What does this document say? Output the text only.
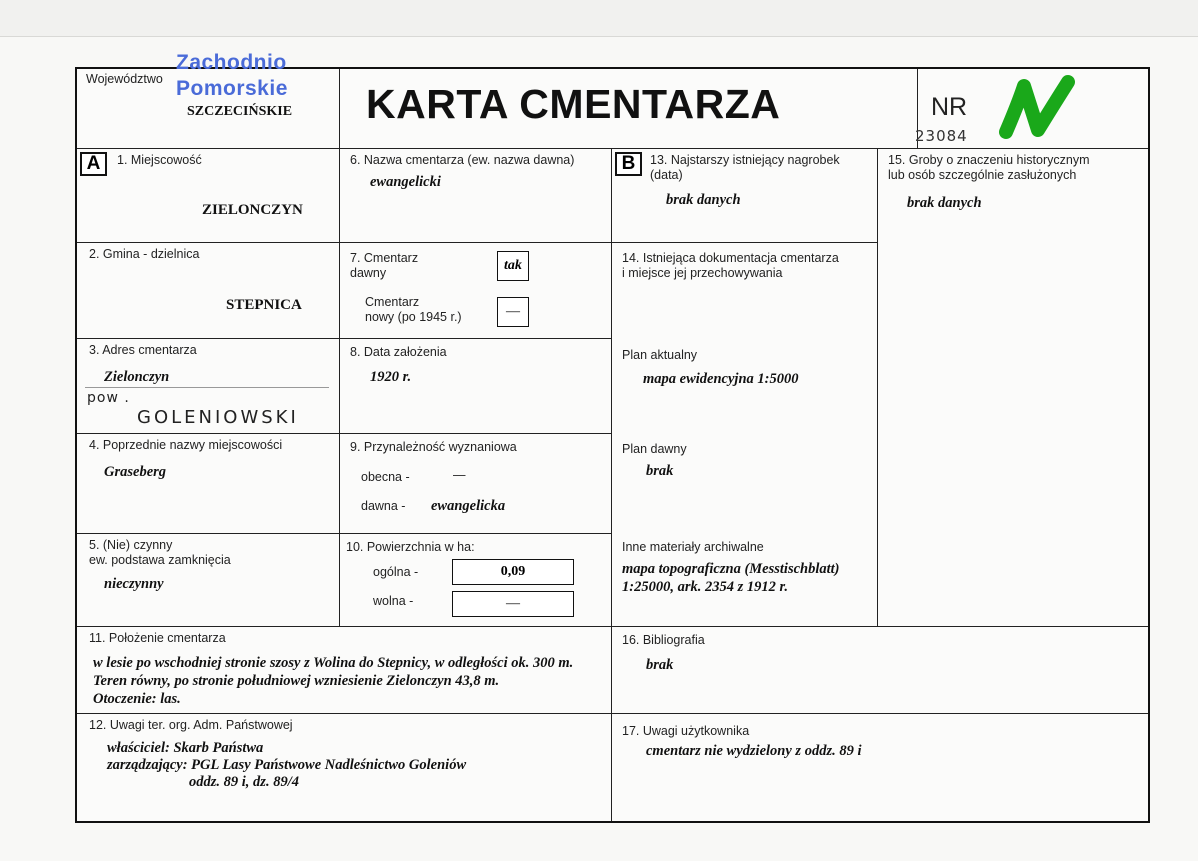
Województwo
Zachodnio
Pomorskie
SZCZECIŃSKIE KARTA CMENTARZA	NR
23084
A	1. Miejscowość
ZIELONCZYN
2. Gmina - dzielnica
STEPNICA
3. Adres cmentarza
Zielonczyn
pow .
GOLENIOWSKI
4. Poprzednie nazwy miejscowości
Graseberg
5. (Nie) czynny
ew. podstawa zamknięcia
nieczynny
6. Nazwa cmentarza (ew. nazwa dawna)
ewangelicki
7. Cmentarz
dawny	tak
Cmentarz
nowy (po 1945 r.)	—
8. Data założenia
1920 r.
9. Przynależność wyznaniowa
obecna -	—
dawna - ewangelicka
10. Powierzchnia w ha:
ogólna -	0,09
wolna -	—
B	13. Najstarszy istniejący nagrobek
(data)
brak danych
14. Istniejąca dokumentacja cmentarza
i miejsce jej przechowywania
Plan aktualny
mapa ewidencyjna 1:5000
Plan dawny
brak
Inne materiały archiwalne
mapa topograficzna (Messtischblatt)
1:25000, ark. 2354 z 1912 r.
15. Groby o znaczeniu historycznym
lub osób szczególnie zasłużonych
brak danych
11. Położenie cmentarza
w lesie po wschodniej stronie szosy z Wolina do Stepnicy, w odległości ok. 300 m.
Teren równy, po stronie południowej wzniesienie Zielonczyn 43,8 m.
Otoczenie: las.
16. Bibliografia
brak
12. Uwagi ter. org. Adm. Państwowej
właściciel: Skarb Państwa
zarządzający: PGL Lasy Państwowe Nadleśnictwo Goleniów
oddz. 89 i, dz. 89/4
17. Uwagi użytkownika
cmentarz nie wydzielony z oddz. 89 i
